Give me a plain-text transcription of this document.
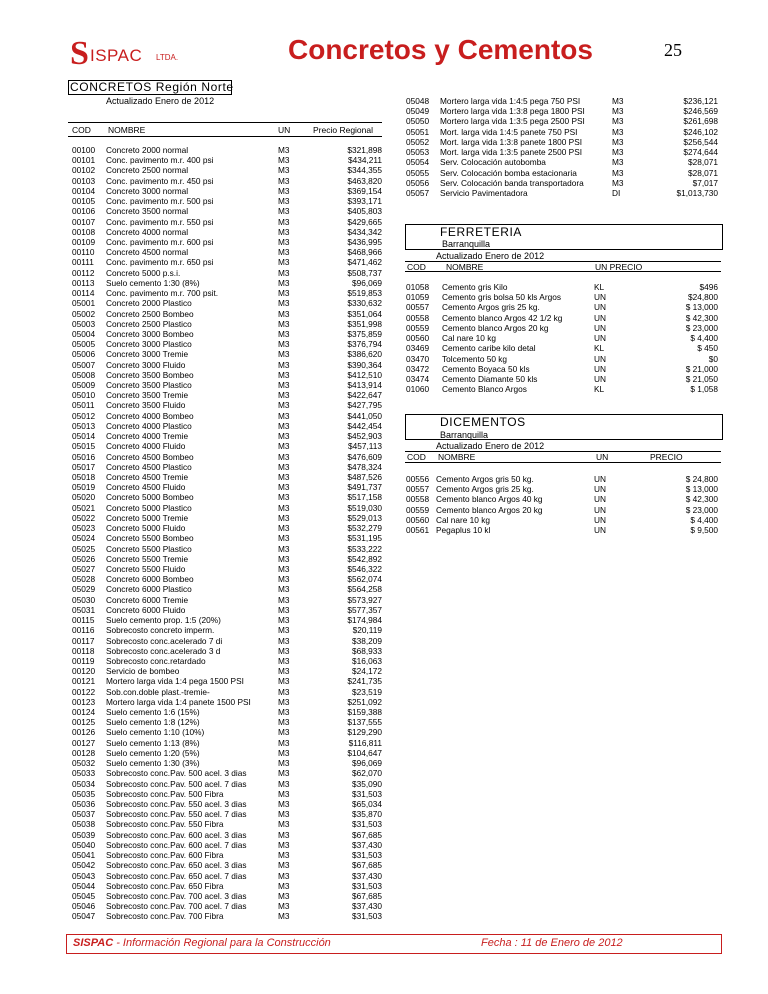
S ISPAC LTDA.	Concretos y Cementos	25
CONCRETOS Región Norte
Actualizado Enero de 2012
COD NOMBRE	UN	Precio Regional
00100 Concreto 2000 normal	M3	$321,898
00101 Conc. pavimento m.r. 400 psi	M3	$434,211
00102 Concreto 2500 normal	M3	$344,355
00103 Conc. pavimento m.r. 450 psi	M3	$463,820
00104 Concreto 3000 normal	M3	$369,154
00105 Conc. pavimento m.r. 500 psi	M3	$393,171
00106 Concreto 3500 normal	M3	$405,803
00107 Conc. pavimento m.r. 550 psi	M3	$429,665
00108 Concreto 4000 normal	M3	$434,342
00109 Conc. pavimento m.r. 600 psi	M3	$436,995
00110 Concreto 4500 normal	M3	$468,966
00111 Conc. pavimento m.r. 650 psi	M3	$471,462
00112 Concreto 5000 p.s.i.	M3	$508,737
00113 Suelo cemento 1:30 (8%)	M3	$96,069
00114 Conc. pavimento m.r. 700 psit.	M3	$519,853
05001 Concreto 2000 Plastico	M3	$330,632
05002 Concreto 2500 Bombeo	M3	$351,064
05003 Concreto 2500 Plastico	M3	$351,998
05004 Concreto 3000 Bombeo	M3	$375,859
05005 Concreto 3000 Plastico	M3	$376,794
05006 Concreto 3000 Tremie	M3	$386,620
05007 Concreto 3000 Fluido	M3	$390,364
05008 Concreto 3500 Bombeo	M3	$412,510
05009 Concreto 3500 Plastico	M3	$413,914
05010 Concreto 3500 Tremie	M3	$422,647
05011 Concreto 3500 Fluido	M3	$427,795
05012 Concreto 4000 Bombeo	M3	$441,050
05013 Concreto 4000 Plastico	M3	$442,454
05014 Concreto 4000 Tremie	M3	$452,903
05015 Concreto 4000 Fluido	M3	$457,113
05016 Concreto 4500 Bombeo	M3	$476,609
05017 Concreto 4500 Plastico	M3	$478,324
05018 Concreto 4500 Tremie	M3	$487,526
05019 Concreto 4500 Fluido	M3	$491,737
05020 Concreto 5000 Bombeo	M3	$517,158
05021 Concreto 5000 Plastico	M3	$519,030
05022 Concreto 5000 Tremie	M3	$529,013
05023 Concreto 5000 Fluido	M3	$532,279
05024 Concreto 5500 Bombeo	M3	$531,195
05025 Concreto 5500 Plastico	M3	$533,222
05026 Concreto 5500 Tremie	M3	$542,892
05027 Concreto 5500 Fluido	M3	$546,322
05028 Concreto 6000 Bombeo	M3	$562,074
05029 Concreto 6000 Plastico	M3	$564,258
05030 Concreto 6000 Tremie	M3	$573,927
05031 Concreto 6000 Fluido	M3	$577,357
00115 Suelo cemento prop. 1:5 (20%)	M3	$174,984
00116 Sobrecosto concreto imperm.	M3	$20,119
00117 Sobrecosto conc.acelerado 7 di	M3	$38,209
00118 Sobrecosto conc.acelerado 3 d	M3	$68,933
00119 Sobrecosto conc.retardado	M3	$16,063
00120 Servicio de bombeo	M3	$24,172
00121 Mortero larga vida 1:4 pega 1500 PSI	M3	$241,735
00122 Sob.con.doble plast.-tremie-	M3	$23,519
00123 Mortero larga vida 1:4 panete 1500 PSI	M3	$251,092
00124 Suelo cemento 1:6 (15%)	M3	$159,388
00125 Suelo cemento 1:8 (12%)	M3	$137,555
00126 Suelo cemento 1:10 (10%)	M3	$129,290
00127 Suelo cemento 1:13 (8%)	M3	$116,811
00128 Suelo cemento 1:20 (5%)	M3	$104,647
05032 Suelo cemento 1:30 (3%)	M3	$96,069
05033 Sobrecosto conc.Pav. 500 acel. 3 dias	M3	$62,070
05034 Sobrecosto conc.Pav. 500 acel. 7 dias	M3	$35,090
05035 Sobrecosto conc.Pav. 500 Fibra	M3	$31,503
05036 Sobrecosto conc.Pav. 550 acel. 3 dias	M3	$65,034
05037 Sobrecosto conc.Pav. 550 acel. 7 dias	M3	$35,870
05038 Sobrecosto conc.Pav. 550 Fibra	M3	$31,503
05039 Sobrecosto conc.Pav. 600 acel. 3 dias	M3	$67,685
05040 Sobrecosto conc.Pav. 600 acel. 7 dias	M3	$37,430
05041 Sobrecosto conc.Pav. 600 Fibra	M3	$31,503
05042 Sobrecosto conc.Pav. 650 acel. 3 dias	M3	$67,685
05043 Sobrecosto conc.Pav. 650 acel. 7 dias	M3	$37,430
05044 Sobrecosto conc.Pav. 650 Fibra	M3	$31,503
05045 Sobrecosto conc.Pav. 700 acel. 3 dias	M3	$67,685
05046 Sobrecosto conc.Pav. 700 acel. 7 dias	M3	$37,430
05047 Sobrecosto conc.Pav. 700 Fibra	M3	$31,503
05048 Mortero larga vida 1:4:5 pega 750 PSI	M3	$236,121
05049 Mortero larga vida 1:3:8 pega 1800 PSI	M3	$246,569
05050 Mortero larga vida 1:3:5 pega 2500 PSI	M3	$261,698
05051 Mort. larga vida 1:4:5 panete 750 PSI	M3	$246,102
05052 Mort. larga vida 1:3:8 panete 1800 PSI	M3	$256,544
05053 Mort. larga vida 1:3:5 panete 2500 PSI	M3	$274,644
05054 Serv. Colocación autobomba	M3	$28,071
05055 Serv. Colocación bomba estacionaria	M3	$28,071
05056 Serv. Colocación banda transportadora	M3	$7,017
05057 Servicio Pavimentadora	DI	$1,013,730
FERRETERIA
Barranquilla
Actualizado Enero de 2012
COD NOMBRE	UN PRECIO
01058 Cemento gris Kilo	KL	$496
01059 Cemento gris bolsa 50 kls Argos	UN	$24,800
00557 Cemento Argos gris 25 kg.	UN	$ 13,000
00558 Cemento blanco Argos 42 1/2 kg	UN	$ 42,300
00559 Cemento blanco Argos 20 kg	UN	$ 23,000
00560 Cal nare 10 kg	UN	$ 4,400
03469 Cemento caribe kilo detal	KL	$ 450
03470 Tolcemento 50 kg	UN	$0
03472 Cemento Boyaca 50 kls	UN	$ 21,000
03474 Cemento Diamante 50 kls	UN	$ 21,050
01060 Cemento Blanco Argos	KL	$ 1,058
DICEMENTOS
Barranquilla
Actualizado Enero de 2012
COD NOMBRE	UN	PRECIO
00556 Cemento Argos gris 50 kg.	UN	$ 24,800
00557 Cemento Argos gris 25 kg.	UN	$ 13,000
00558 Cemento blanco Argos 40 kg	UN	$ 42,300
00559 Cemento blanco Argos 20 kg	UN	$ 23,000
00560 Cal nare 10 kg	UN	$ 4,400
00561 Pegaplus 10 kl	UN	$ 9,500
SISPAC - Información Regional para la Construcción	Fecha : 11 de Enero de 2012
